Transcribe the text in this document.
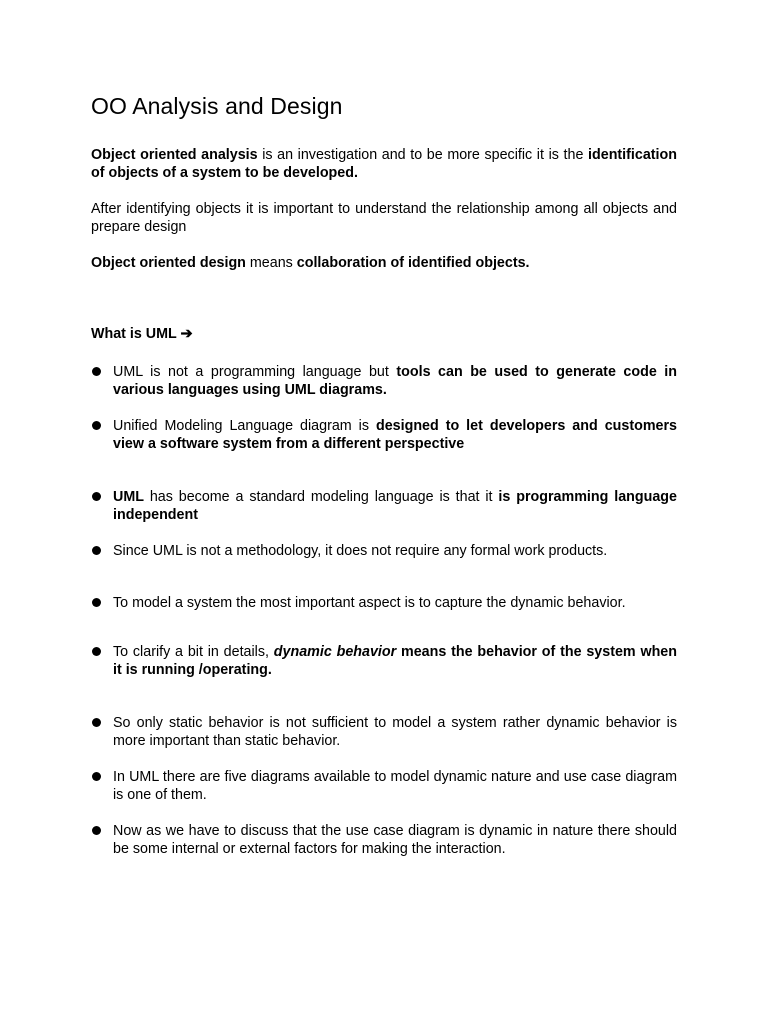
OO Analysis and Design

Object oriented analysis is an investigation and to be more specific it is the identification of objects of a system to be developed.

After identifying objects it is important to understand the relationship among all objects and prepare design

Object oriented design means collaboration of identified objects.

What is UML ➔

UML is not a programming language but tools can be used to generate code in various languages using UML diagrams.

Unified Modeling Language diagram is designed to let developers and customers view a software system from a different perspective

UML has become a standard modeling language is that it is programming language independent

Since UML is not a methodology, it does not require any formal work products.

To model a system the most important aspect is to capture the dynamic behavior.

To clarify a bit in details, dynamic behavior means the behavior of the system when it is running /operating.

So only static behavior is not sufficient to model a system rather dynamic behavior is more important than static behavior.

In UML there are five diagrams available to model dynamic nature and use case diagram is one of them.

Now as we have to discuss that the use case diagram is dynamic in nature there should be some internal or external factors for making the interaction.
